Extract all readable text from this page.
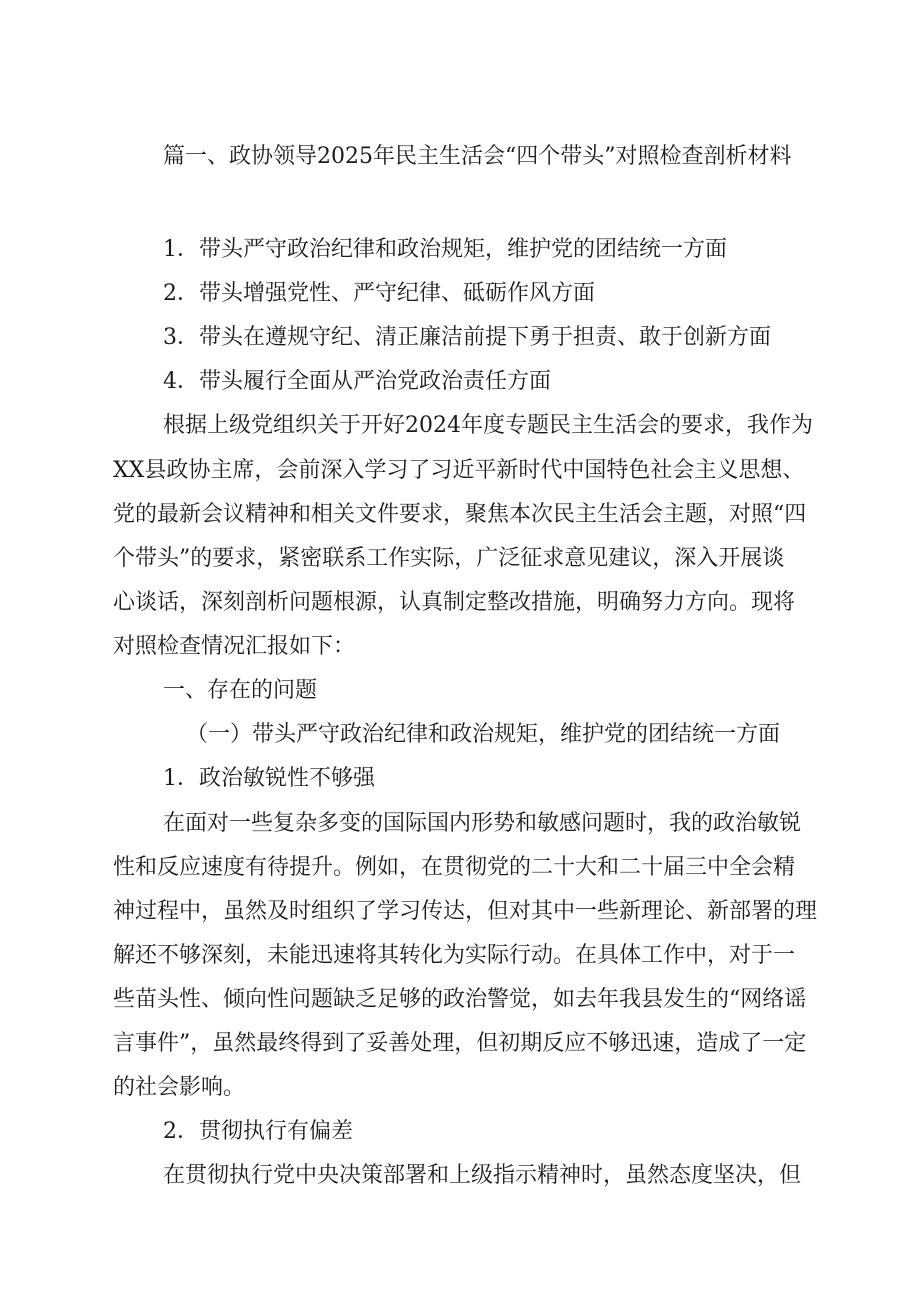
篇一、政协领导2025年民主生活会“四个带头”对照检查剖析材料
1．带头严守政治纪律和政治规矩，维护党的团结统一方面
2．带头增强党性、严守纪律、砥砺作风方面
3．带头在遵规守纪、清正廉洁前提下勇于担责、敢于创新方面
4．带头履行全面从严治党政治责任方面
根据上级党组织关于开好2024年度专题民主生活会的要求，我作为
XX县政协主席，会前深入学习了习近平新时代中国特色社会主义思想、
党的最新会议精神和相关文件要求，聚焦本次民主生活会主题，对照“四
个带头”的要求，紧密联系工作实际，广泛征求意见建议，深入开展谈
心谈话，深刻剖析问题根源，认真制定整改措施，明确努力方向。现将
对照检查情况汇报如下：
一、存在的问题
（一）带头严守政治纪律和政治规矩，维护党的团结统一方面
1．政治敏锐性不够强
在面对一些复杂多变的国际国内形势和敏感问题时，我的政治敏锐
性和反应速度有待提升。例如，在贯彻党的二十大和二十届三中全会精
神过程中，虽然及时组织了学习传达，但对其中一些新理论、新部署的理
解还不够深刻，未能迅速将其转化为实际行动。在具体工作中，对于一
些苗头性、倾向性问题缺乏足够的政治警觉，如去年我县发生的“网络谣
言事件”，虽然最终得到了妥善处理，但初期反应不够迅速，造成了一定
的社会影响。
2．贯彻执行有偏差
在贯彻执行党中央决策部署和上级指示精神时，虽然态度坚决，但
